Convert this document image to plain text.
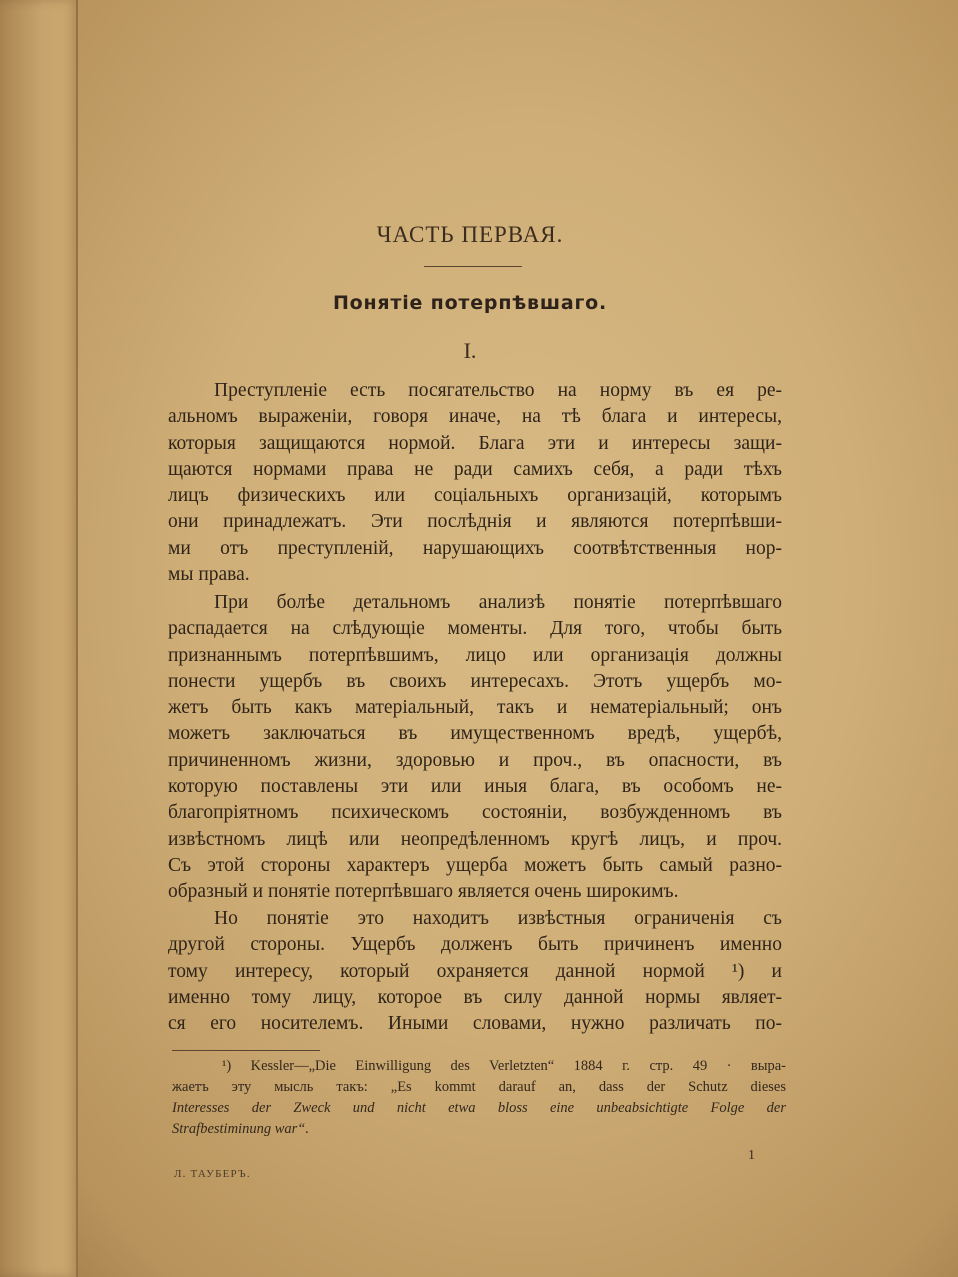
ЧАСТЬ ПЕРВАЯ.
Понятіе потерпѣвшаго.
I.
Преступленіе есть посягательство на норму въ ея ре-
альномъ выраженіи, говоря иначе, на тѣ блага и интересы,
которыя защищаются нормой. Блага эти и интересы защи-
щаются нормами права не ради самихъ себя, а ради тѣхъ
лицъ физическихъ или соціальныхъ организацій, которымъ
они принадлежатъ. Эти послѣднія и являются потерпѣвши-
ми отъ преступленій, нарушающихъ соотвѣтственныя нор-
мы права.
При болѣе детальномъ анализѣ понятіе потерпѣвшаго
распадается на слѣдующіе моменты. Для того, чтобы быть
признаннымъ потерпѣвшимъ, лицо или организація должны
понести ущербъ въ своихъ интересахъ. Этотъ ущербъ мо-
жетъ быть какъ матеріальный, такъ и нематеріальный; онъ
можетъ заключаться въ имущественномъ вредѣ, ущербѣ,
причиненномъ жизни, здоровью и проч., въ опасности, въ
которую поставлены эти или иныя блага, въ особомъ не-
благопріятномъ психическомъ состояніи, возбужденномъ въ
извѣстномъ лицѣ или неопредѣленномъ кругѣ лицъ, и проч.
Съ этой стороны характеръ ущерба можетъ быть самый разно-
образный и понятіе потерпѣвшаго является очень широкимъ.
Но понятіе это находитъ извѣстныя ограниченія съ
другой стороны. Ущербъ долженъ быть причиненъ именно
тому интересу, который охраняется данной нормой ¹) и
именно тому лицу, которое въ силу данной нормы являет-
ся его носителемъ. Иными словами, нужно различать по-
¹) Kessler—„Die Einwilligung des Verletzten“ 1884 г. стр. 49 · выра-
жаетъ эту мысль такъ: „Es kommt darauf an, dass der Schutz dieses
Interesses der Zweck und nicht etwa bloss eine unbeabsichtigte Folge der
Strafbestiminung war“.
Л. ТАУБЕРЪ.
1
